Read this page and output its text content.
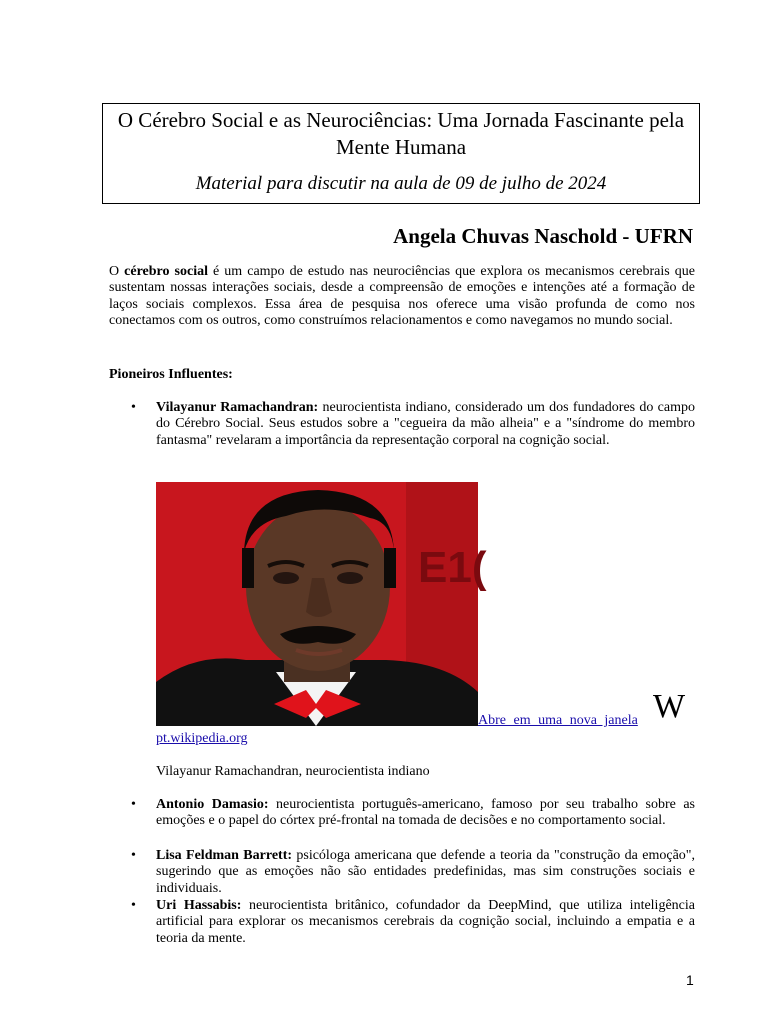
O Cérebro Social e as Neurociências: Uma Jornada Fascinante pela Mente Humana
Material para discutir na aula de 09 de julho de 2024
Angela Chuvas Naschold - UFRN

O cérebro social é um campo de estudo nas neurociências que explora os mecanismos cerebrais que sustentam nossas interações sociais, desde a compreensão de emoções e intenções até a formação de laços sociais complexos. Essa área de pesquisa nos oferece uma visão profunda de como nos conectamos com os outros, como construímos relacionamentos e como navegamos no mundo social.

Pioneiros Influentes:
• Vilayanur Ramachandran: neurocientista indiano, considerado um dos fundadores do campo do Cérebro Social. Seus estudos sobre a "cegueira da mão alheia" e a "síndrome do membro fantasma" revelaram a importância da representação corporal na cognição social.
Ε1(
Abre em uma nova janela W
pt.wikipedia.org
Vilayanur Ramachandran, neurocientista indiano
• Antonio Damasio: neurocientista português-americano, famoso por seu trabalho sobre as emoções e o papel do córtex pré-frontal na tomada de decisões e no comportamento social.
• Lisa Feldman Barrett: psicóloga americana que defende a teoria da "construção da emoção", sugerindo que as emoções não são entidades predefinidas, mas sim construções sociais e individuais.
• Uri Hassabis: neurocientista britânico, cofundador da DeepMind, que utiliza inteligência artificial para explorar os mecanismos cerebrais da cognição social, incluindo a empatia e a teoria da mente.
1
